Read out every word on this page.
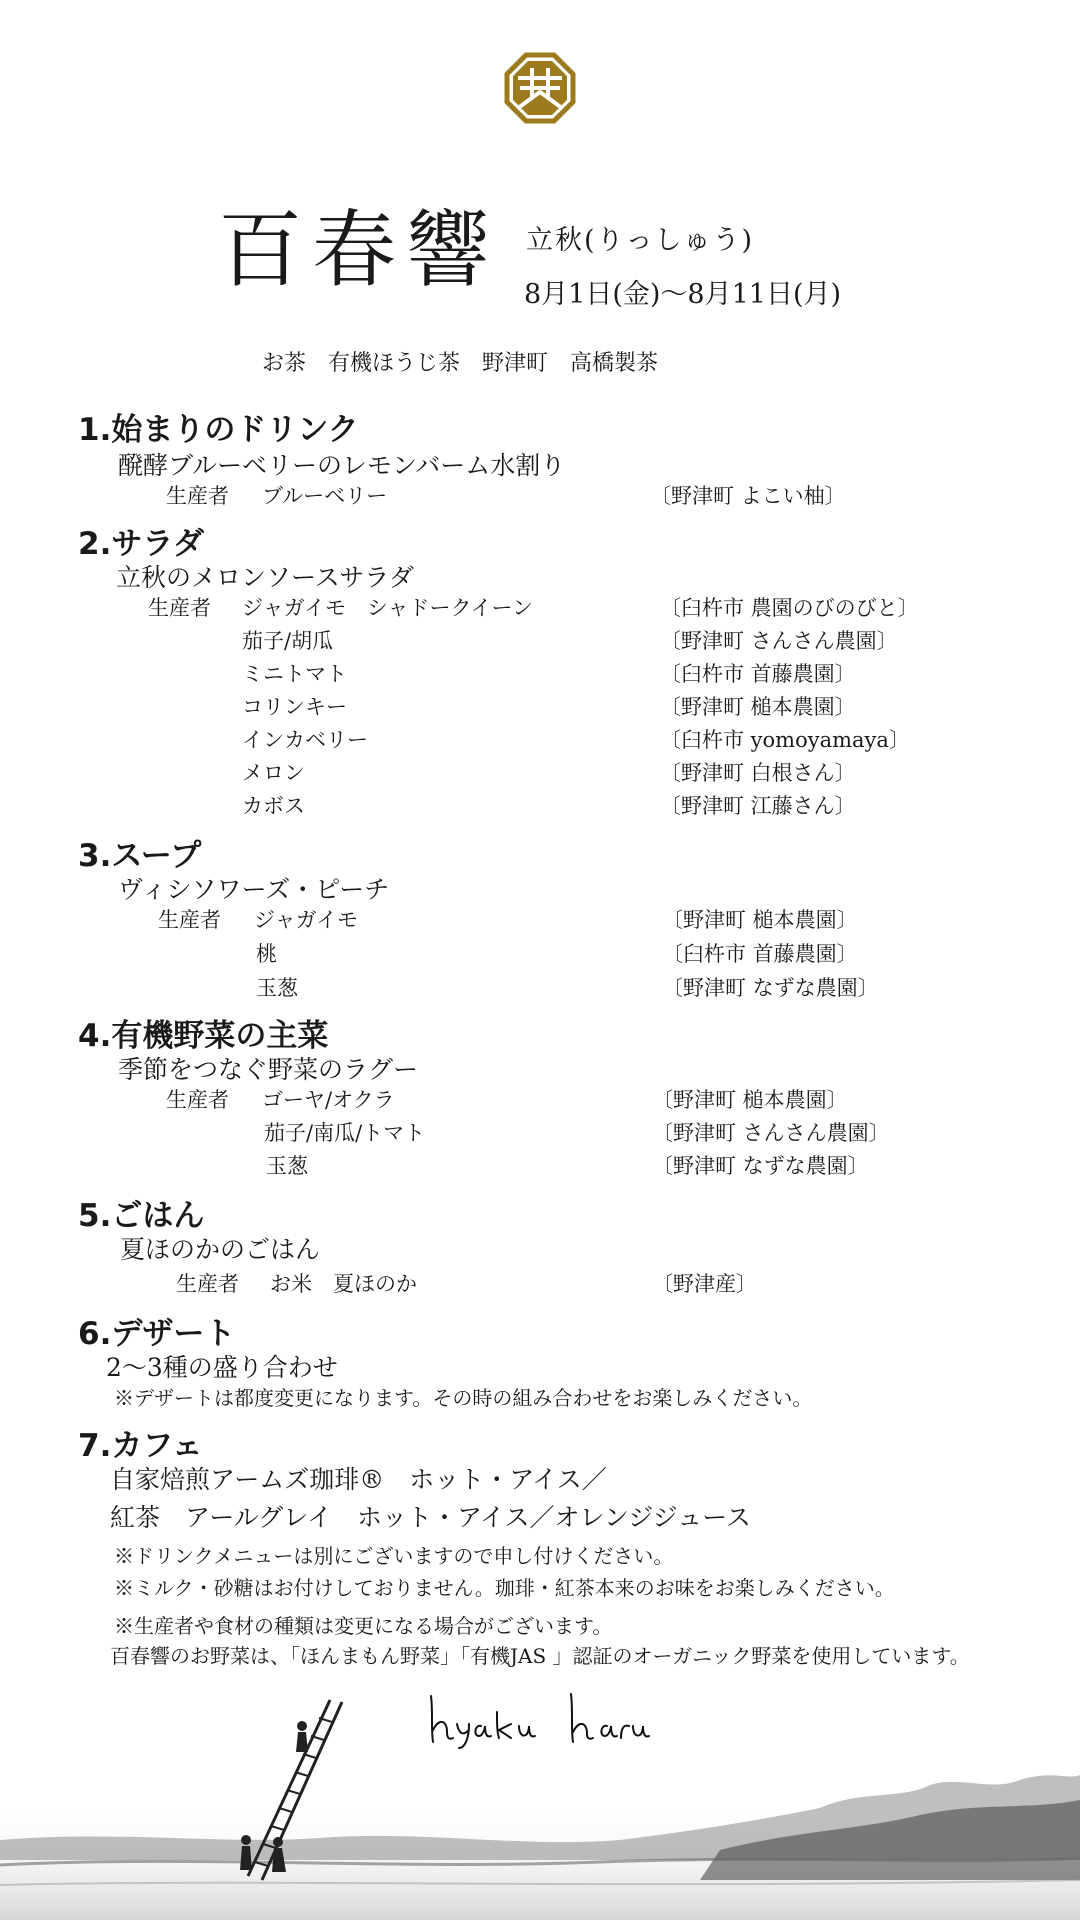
百春響 立秋(りっしゅう)
8月1日(金)〜8月11日(月)
お茶　有機ほうじ茶　野津町　高橋製茶
1.始まりのドリンク
醗酵ブルーベリーのレモンバーム水割り
生産者 ブルーベリー	〔野津町 よこい柚〕
2.サラダ
立秋のメロンソースサラダ
生産者 ジャガイモ　シャドークイーン	〔臼杵市 農園のびのびと〕
茄子/胡瓜	〔野津町 さんさん農園〕
ミニトマト	〔臼杵市 首藤農園〕
コリンキー	〔野津町 槌本農園〕
インカベリー	〔臼杵市 yomoyamaya〕
メロン	〔野津町 白根さん〕
カボス	〔野津町 江藤さん〕
3.スープ
ヴィシソワーズ・ピーチ
生産者 ジャガイモ	〔野津町 槌本農園〕
桃	〔臼杵市 首藤農園〕
玉葱	〔野津町 なずな農園〕
4.有機野菜の主菜
季節をつなぐ野菜のラグー
生産者 ゴーヤ/オクラ	〔野津町 槌本農園〕
茄子/南瓜/トマト	〔野津町 さんさん農園〕
玉葱	〔野津町 なずな農園〕
5.ごはん
夏ほのかのごはん
生産者 お米　夏ほのか	〔野津産〕
6.デザート
2〜3種の盛り合わせ
※デザートは都度変更になります。その時の組み合わせをお楽しみください。
7.カフェ
自家焙煎アームズ珈琲®　ホット・アイス／
紅茶　アールグレイ　ホット・アイス／オレンジジュース
※ドリンクメニューは別にございますので申し付けください。
※ミルク・砂糖はお付けしておりません。珈琲・紅茶本来のお味をお楽しみください。
※生産者や食材の種類は変更になる場合がございます。
百春響のお野菜は、「ほんまもん野菜」「有機JAS 」認証のオーガニック野菜を使用しています。
